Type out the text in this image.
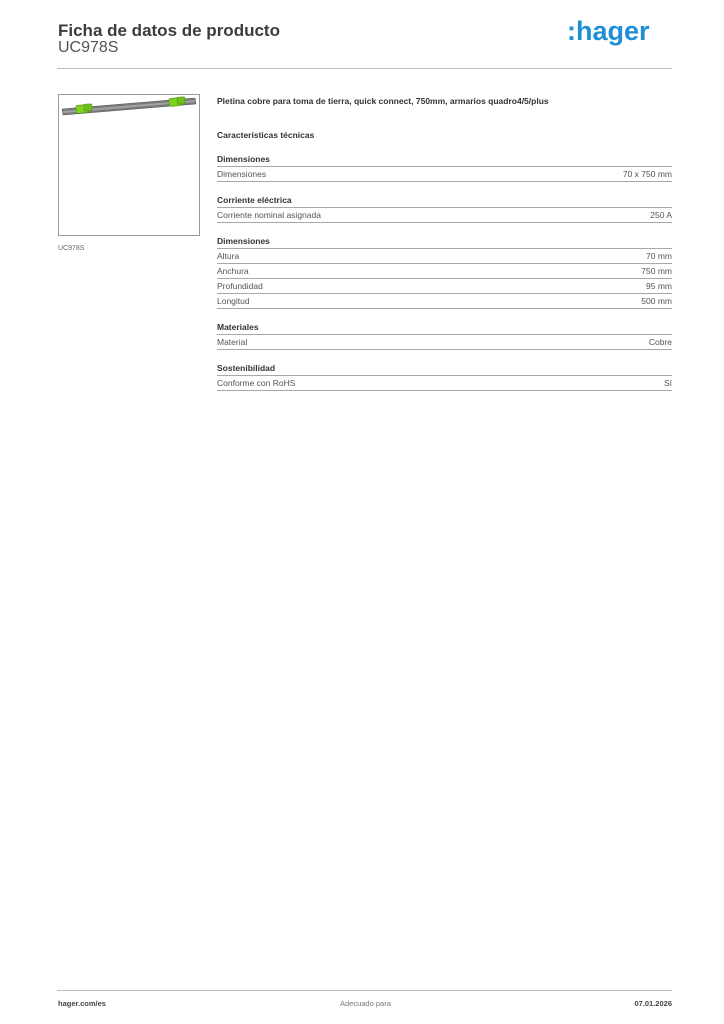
Ficha de datos de producto
UC978S
:hager
UC978S
Pletina cobre para toma de tierra, quick connect, 750mm, armarios quadro4/5/plus
Características técnicas
Dimensiones
Dimensiones	70 x 750 mm
Corriente eléctrica
Corriente nominal asignada	250 A
Dimensiones
Altura	70 mm
Anchura	750 mm
Profundidad	95 mm
Longitud	500 mm
Materiales
Material	Cobre
Sostenibilidad
Conforme con RoHS	Sí
hager.com/es	Adecuado para	07.01.2026
